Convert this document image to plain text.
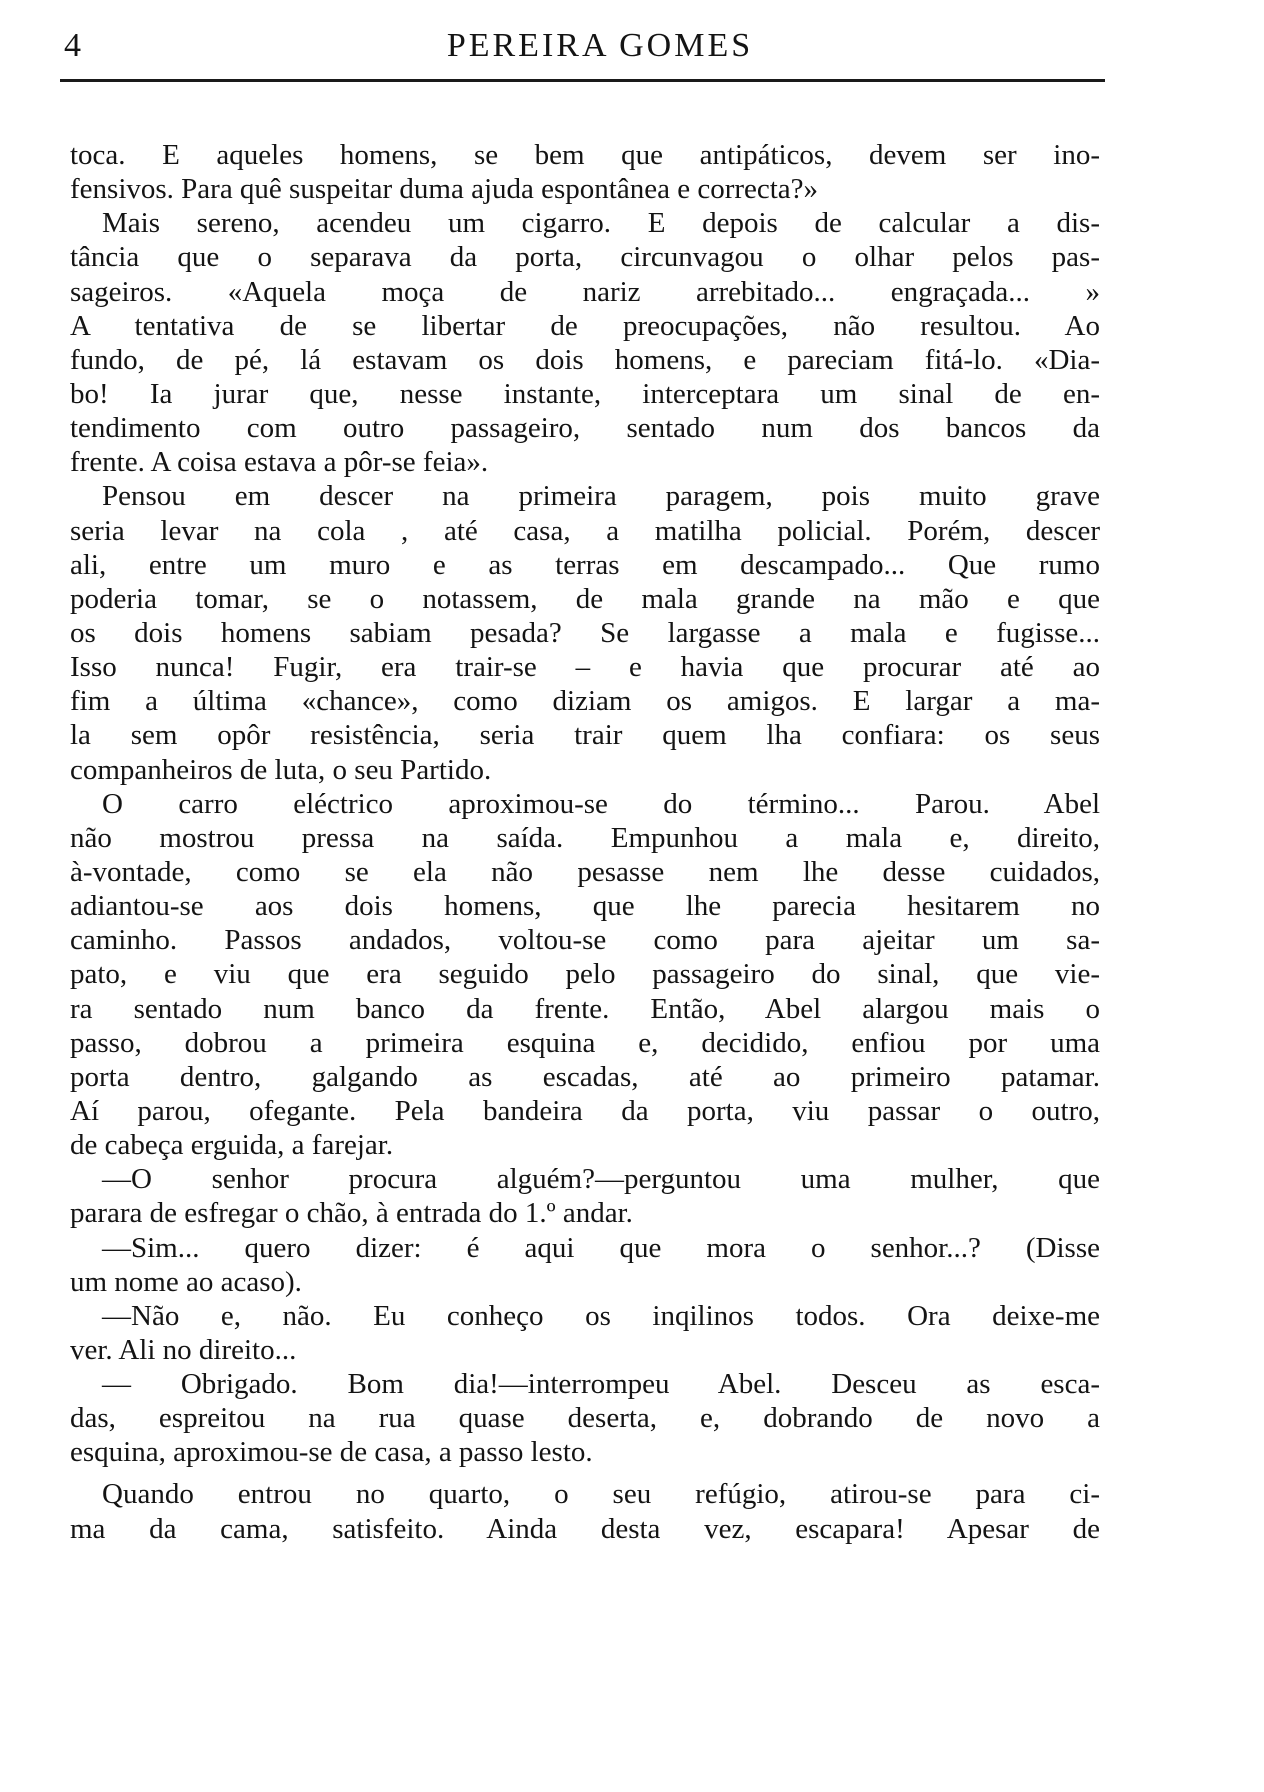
4	PEREIRA GOMES
toca. E aqueles homens, se bem que antipáticos, devem ser ino-
fensivos. Para quê suspeitar duma ajuda espontânea e correcta?»
Mais sereno, acendeu um cigarro. E depois de calcular a dis-
tância que o separava da porta, circunvagou o olhar pelos pas-
sageiros. «Aquela moça de nariz arrebitado... engraçada... »
A tentativa de se libertar de preocupações, não resultou. Ao
fundo, de pé, lá estavam os dois homens, e pareciam fitá-lo. «Dia-
bo! Ia jurar que, nesse instante, interceptara um sinal de en-
tendimento com outro passageiro, sentado num dos bancos da
frente. A coisa estava a pôr-se feia».
Pensou em descer na primeira paragem, pois muito grave
seria levar na cola , até casa, a matilha policial. Porém, descer
ali, entre um muro e as terras em descampado... Que rumo
poderia tomar, se o notassem, de mala grande na mão e que
os dois homens sabiam pesada? Se largasse a mala e fugisse...
Isso nunca! Fugir, era trair-se – e havia que procurar até ao
fim a última «chance», como diziam os amigos. E largar a ma-
la sem opôr resistência, seria trair quem lha confiara: os seus
companheiros de luta, o seu Partido.
O carro eléctrico aproximou-se do término... Parou. Abel
não mostrou pressa na saída. Empunhou a mala e, direito,
à-vontade, como se ela não pesasse nem lhe desse cuidados,
adiantou-se aos dois homens, que lhe parecia hesitarem no
caminho. Passos andados, voltou-se como para ajeitar um sa-
pato, e viu que era seguido pelo passageiro do sinal, que vie-
ra sentado num banco da frente. Então, Abel alargou mais o
passo, dobrou a primeira esquina e, decidido, enfiou por uma
porta dentro, galgando as escadas, até ao primeiro patamar.
Aí parou, ofegante. Pela bandeira da porta, viu passar o outro,
de cabeça erguida, a farejar.
—O senhor procura alguém?—perguntou uma mulher, que
parara de esfregar o chão, à entrada do 1.º andar.
—Sim... quero dizer: é aqui que mora o senhor...? (Disse
um nome ao acaso).
—Não e, não. Eu conheço os inqilinos todos. Ora deixe-me
ver. Ali no direito...
— Obrigado. Bom dia!—interrompeu Abel. Desceu as esca-
das, espreitou na rua quase deserta, e, dobrando de novo a
esquina, aproximou-se de casa, a passo lesto.
Quando entrou no quarto, o seu refúgio, atirou-se para ci-
ma da cama, satisfeito. Ainda desta vez, escapara! Apesar de
